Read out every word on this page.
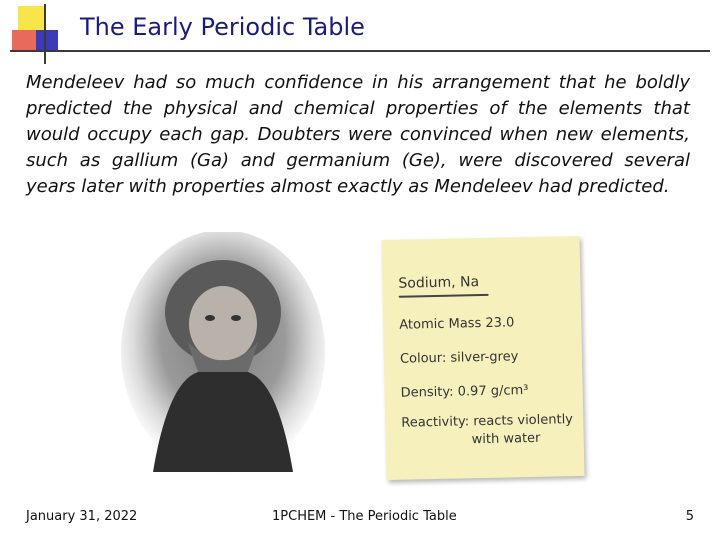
The Early Periodic Table
Mendeleev had so much confidence in his arrangement that he boldly predicted the physical and chemical properties of the elements that would occupy each gap. Doubters were convinced when new elements, such as gallium (Ga) and germanium (Ge), were discovered several years later with properties almost exactly as Mendeleev had predicted.
Sodium, Na
Atomic Mass 23.0
Colour: silver-grey
Density: 0.97 g/cm³
Reactivity: reacts violently
with water
January 31, 2022	1PCHEM - The Periodic Table	5
